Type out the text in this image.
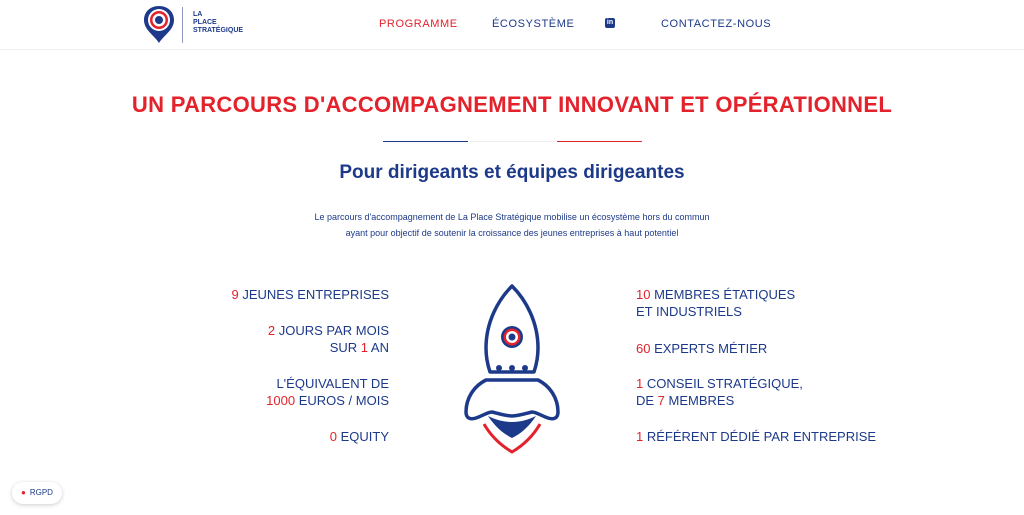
LA
PLACE
STRATÉGIQUE
PROGRAMME	ÉCOSYSTÈME	in	CONTACTEZ-NOUS
UN PARCOURS D'ACCOMPAGNEMENT INNOVANT ET OPÉRATIONNEL
Pour dirigeants et équipes dirigeantes

Le parcours d'accompagnement de La Place Stratégique mobilise un écosystème hors du commun
ayant pour objectif de soutenir la croissance des jeunes entreprises à haut potentiel

9 JEUNES ENTREPRISES
2 JOURS PAR MOIS
SUR 1 AN
L'ÉQUIVALENT DE
1000 EUROS / MOIS
0 EQUITY
10 MEMBRES ÉTATIQUES
ET INDUSTRIELS
60 EXPERTS MÉTIER
1 CONSEIL STRATÉGIQUE,
DE 7 MEMBRES
1 RÉFÉRENT DÉDIÉ PAR ENTREPRISE
● RGPD
